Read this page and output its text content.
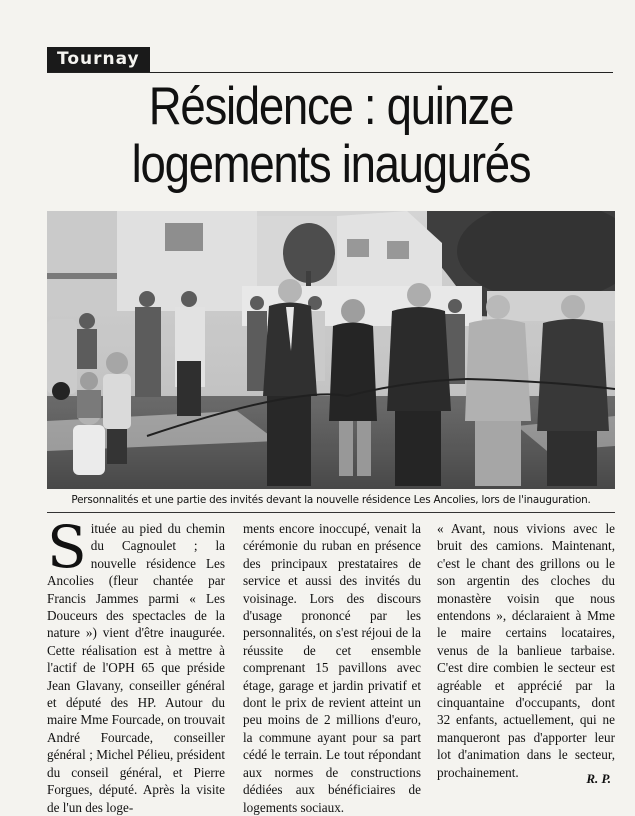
Tournay
Résidence : quinze logements inaugurés
Personnalités et une partie des invités devant la nouvelle résidence Les Ancolies, lors de l'inauguration.
Située au pied du chemin du Cagnoulet ; la nouvelle résidence Les Ancolies (fleur chantée par Francis Jammes parmi « Les Douceurs des spectacles de la nature ») vient d'être inaugurée. Cette réalisation est à mettre à l'actif de l'OPH 65 que préside Jean Glavany, conseiller général et député des HP. Autour du maire Mme Fourcade, on trouvait André Fourcade, conseiller général ; Michel Pélieu, président du conseil général, et Pierre Forgues, député. Après la visite de l'un des loge-
ments encore inoccupé, venait la cérémonie du ruban en présence des principaux prestataires de service et aussi des invités du voisinage. Lors des discours d'usage prononcé par les personnalités, on s'est réjoui de la réussite de cet ensemble comprenant 15 pavillons avec étage, garage et jardin privatif et dont le prix de revient atteint un peu moins de 2 millions d'euro, la commune ayant pour sa part cédé le terrain. Le tout répondant aux normes de constructions dédiées aux bénéficiaires de logements sociaux.
« Avant, nous vivions avec le bruit des camions. Maintenant, c'est le chant des grillons ou le son argentin des cloches du monastère voisin que nous entendons », déclaraient à Mme le maire certains locataires, venus de la banlieue tarbaise. C'est dire combien le secteur est agréable et apprécié par la cinquantaine d'occupants, dont 32 enfants, actuellement, qui ne manqueront pas d'apporter leur lot d'animation dans le secteur, prochainement.	R. P.
